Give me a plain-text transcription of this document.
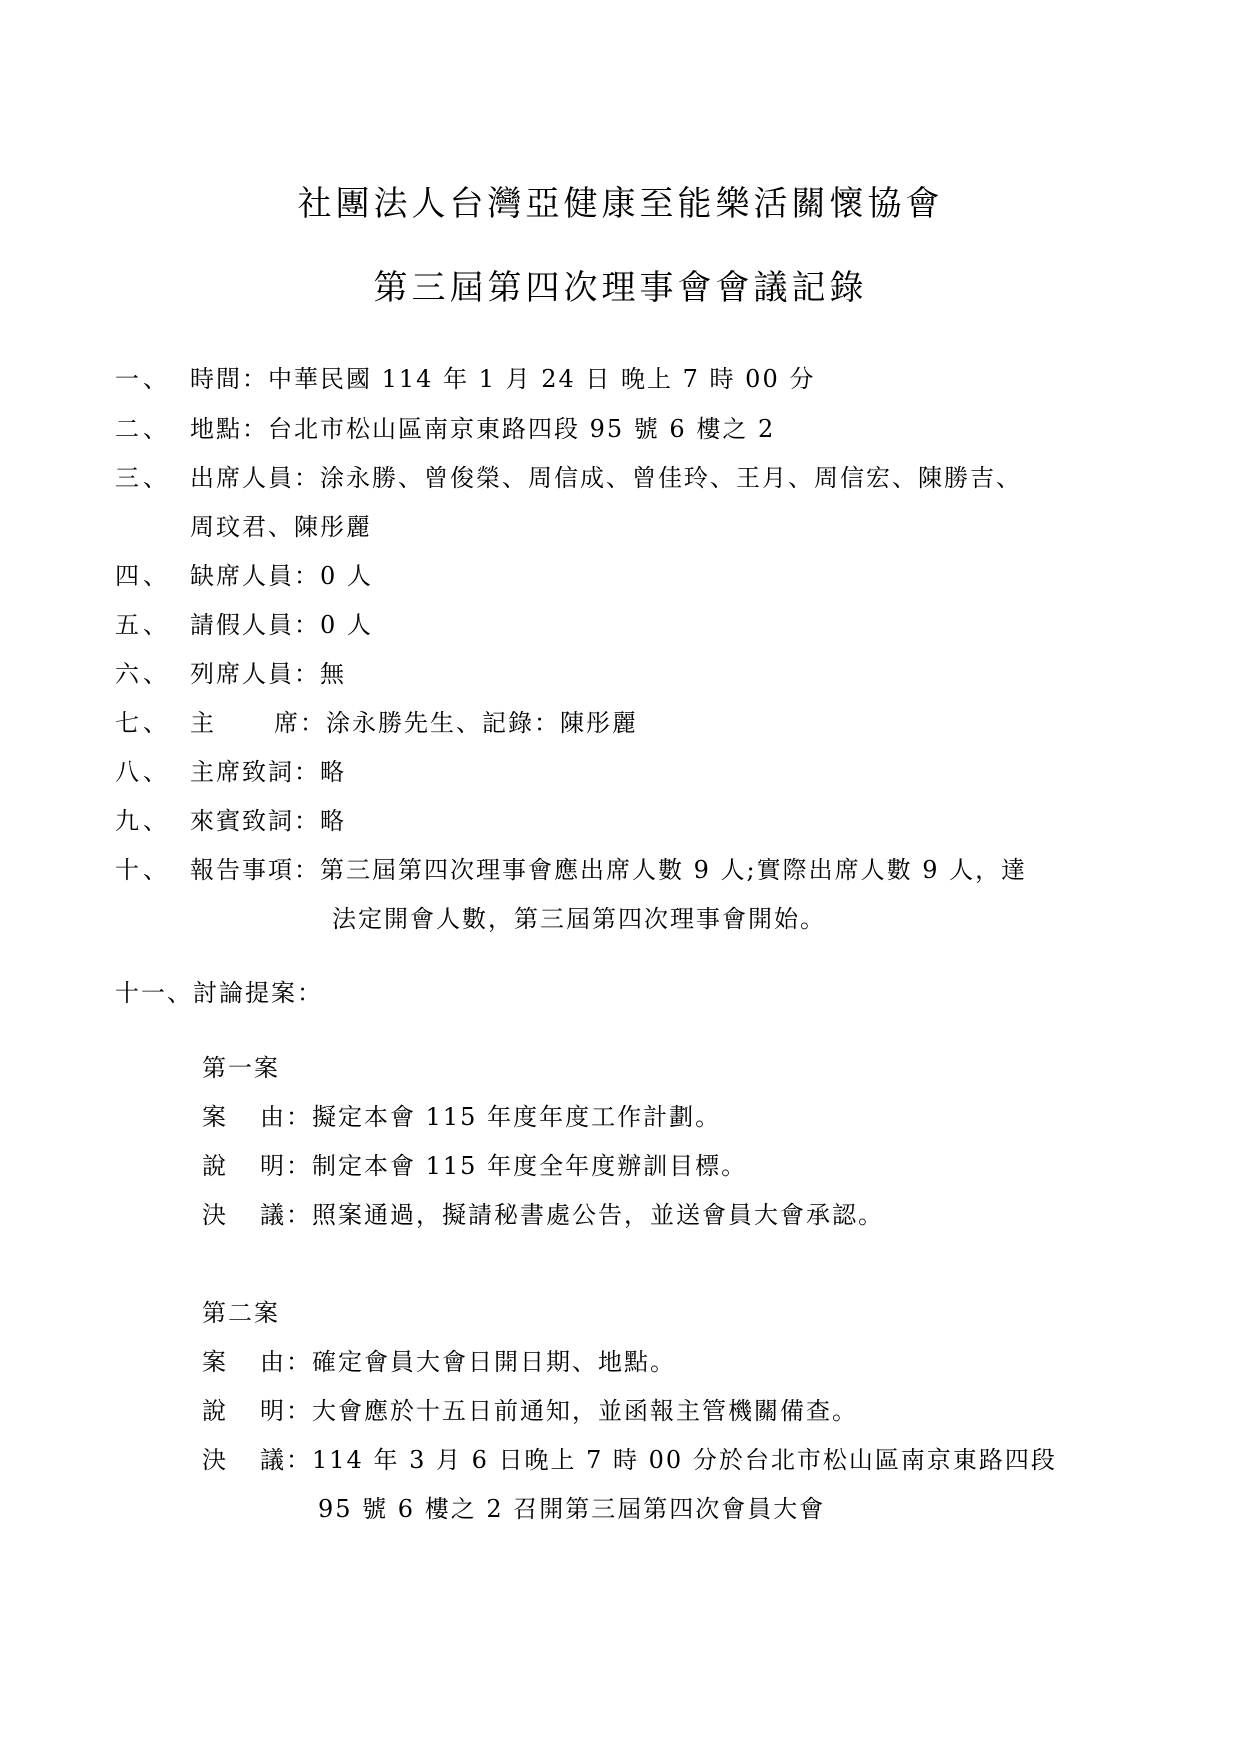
社團法人台灣亞健康至能樂活關懷協會
第三屆第四次理事會會議記錄
一、 時間：中華民國 114 年 1 月 24 日 晚上 7 時 00 分
二、 地點：台北市松山區南京東路四段 95 號 6 樓之 2
三、 出席人員：涂永勝、曾俊榮、周信成、曾佳玲、王月、周信宏、陳勝吉、
周玟君、陳彤麗
四、 缺席人員：0 人
五、 請假人員：0 人
六、 列席人員：無
七、 主 席：涂永勝先生、記錄：陳彤麗
八、 主席致詞：略
九、 來賓致詞：略
十、 報告事項：第三屆第四次理事會應出席人數 9 人;實際出席人數 9 人，達
法定開會人數，第三屆第四次理事會開始。
十一、討論提案：
第一案
案 由：擬定本會 115 年度年度工作計劃。
說 明：制定本會 115 年度全年度辦訓目標。
決 議：照案通過，擬請秘書處公告，並送會員大會承認。
第二案
案 由：確定會員大會日開日期、地點。
說 明：大會應於十五日前通知，並函報主管機關備查。
決 議：114 年 3 月 6 日晚上 7 時 00 分於台北市松山區南京東路四段
95 號 6 樓之 2 召開第三屆第四次會員大會
